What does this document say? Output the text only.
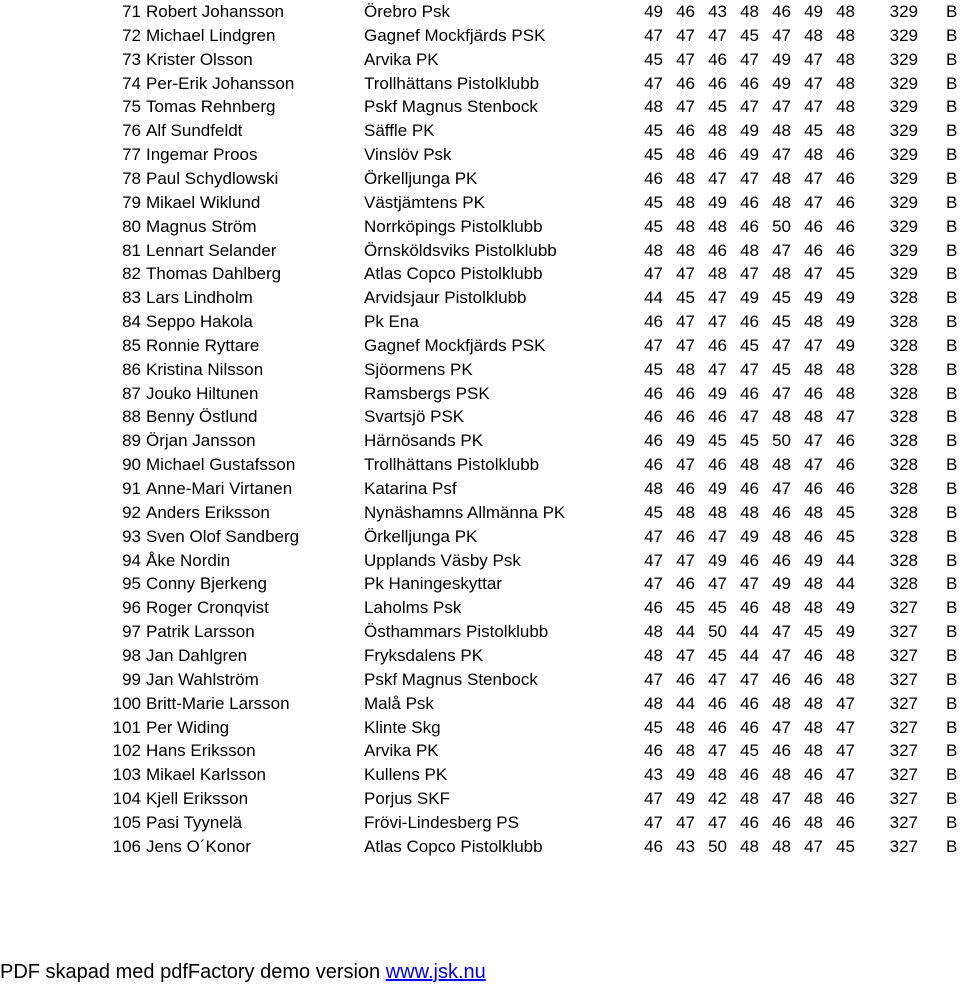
71 Robert Johansson	Örebro Psk	49 46 43 48 46 49 48	329 B
72 Michael Lindgren	Gagnef Mockfjärds PSK	47 47 47 45 47 48 48	329 B
73 Krister Olsson	Arvika PK	45 47 46 47 49 47 48	329 B
74 Per-Erik Johansson	Trollhättans Pistolklubb	47 46 46 46 49 47 48	329 B
75 Tomas Rehnberg	Pskf Magnus Stenbock	48 47 45 47 47 47 48	329 B
76 Alf Sundfeldt	Säffle PK	45 46 48 49 48 45 48	329 B
77 Ingemar Proos	Vinslöv Psk	45 48 46 49 47 48 46	329 B
78 Paul Schydlowski	Örkelljunga PK	46 48 47 47 48 47 46	329 B
79 Mikael Wiklund	Västjämtens PK	45 48 49 46 48 47 46	329 B
80 Magnus Ström	Norrköpings Pistolklubb	45 48 48 46 50 46 46	329 B
81 Lennart Selander	Örnsköldsviks Pistolklubb	48 48 46 48 47 46 46	329 B
82 Thomas Dahlberg	Atlas Copco Pistolklubb	47 47 48 47 48 47 45	329 B
83 Lars Lindholm	Arvidsjaur Pistolklubb	44 45 47 49 45 49 49	328 B
84 Seppo Hakola	Pk Ena	46 47 47 46 45 48 49	328 B
85 Ronnie Ryttare	Gagnef Mockfjärds PSK	47 47 46 45 47 47 49	328 B
86 Kristina Nilsson	Sjöormens PK	45 48 47 47 45 48 48	328 B
87 Jouko Hiltunen	Ramsbergs PSK	46 46 49 46 47 46 48	328 B
88 Benny Östlund	Svartsjö PSK	46 46 46 47 48 48 47	328 B
89 Örjan Jansson	Härnösands PK	46 49 45 45 50 47 46	328 B
90 Michael Gustafsson	Trollhättans Pistolklubb	46 47 46 48 48 47 46	328 B
91 Anne-Mari Virtanen	Katarina Psf	48 46 49 46 47 46 46	328 B
92 Anders Eriksson	Nynäshamns Allmänna PK	45 48 48 48 46 48 45	328 B
93 Sven Olof Sandberg	Örkelljunga PK	47 46 47 49 48 46 45	328 B
94 Åke Nordin	Upplands Väsby Psk	47 47 49 46 46 49 44	328 B
95 Conny Bjerkeng	Pk Haningeskyttar	47 46 47 47 49 48 44	328 B
96 Roger Cronqvist	Laholms Psk	46 45 45 46 48 48 49	327 B
97 Patrik Larsson	Östhammars Pistolklubb	48 44 50 44 47 45 49	327 B
98 Jan Dahlgren	Fryksdalens PK	48 47 45 44 47 46 48	327 B
99 Jan Wahlström	Pskf Magnus Stenbock	47 46 47 47 46 46 48	327 B
100 Britt-Marie Larsson	Malå Psk	48 44 46 46 48 48 47	327 B
101 Per Widing	Klinte Skg	45 48 46 46 47 48 47	327 B
102 Hans Eriksson	Arvika PK	46 48 47 45 46 48 47	327 B
103 Mikael Karlsson	Kullens PK	43 49 48 46 48 46 47	327 B
104 Kjell Eriksson	Porjus SKF	47 49 42 48 47 48 46	327 B
105 Pasi Tyynelä	Frövi-Lindesberg PS	47 47 47 46 46 48 46	327 B
106 Jens O´Konor	Atlas Copco Pistolklubb	46 43 50 48 48 47 45	327 B
PDF skapad med pdfFactory demo version www.jsk.nu
